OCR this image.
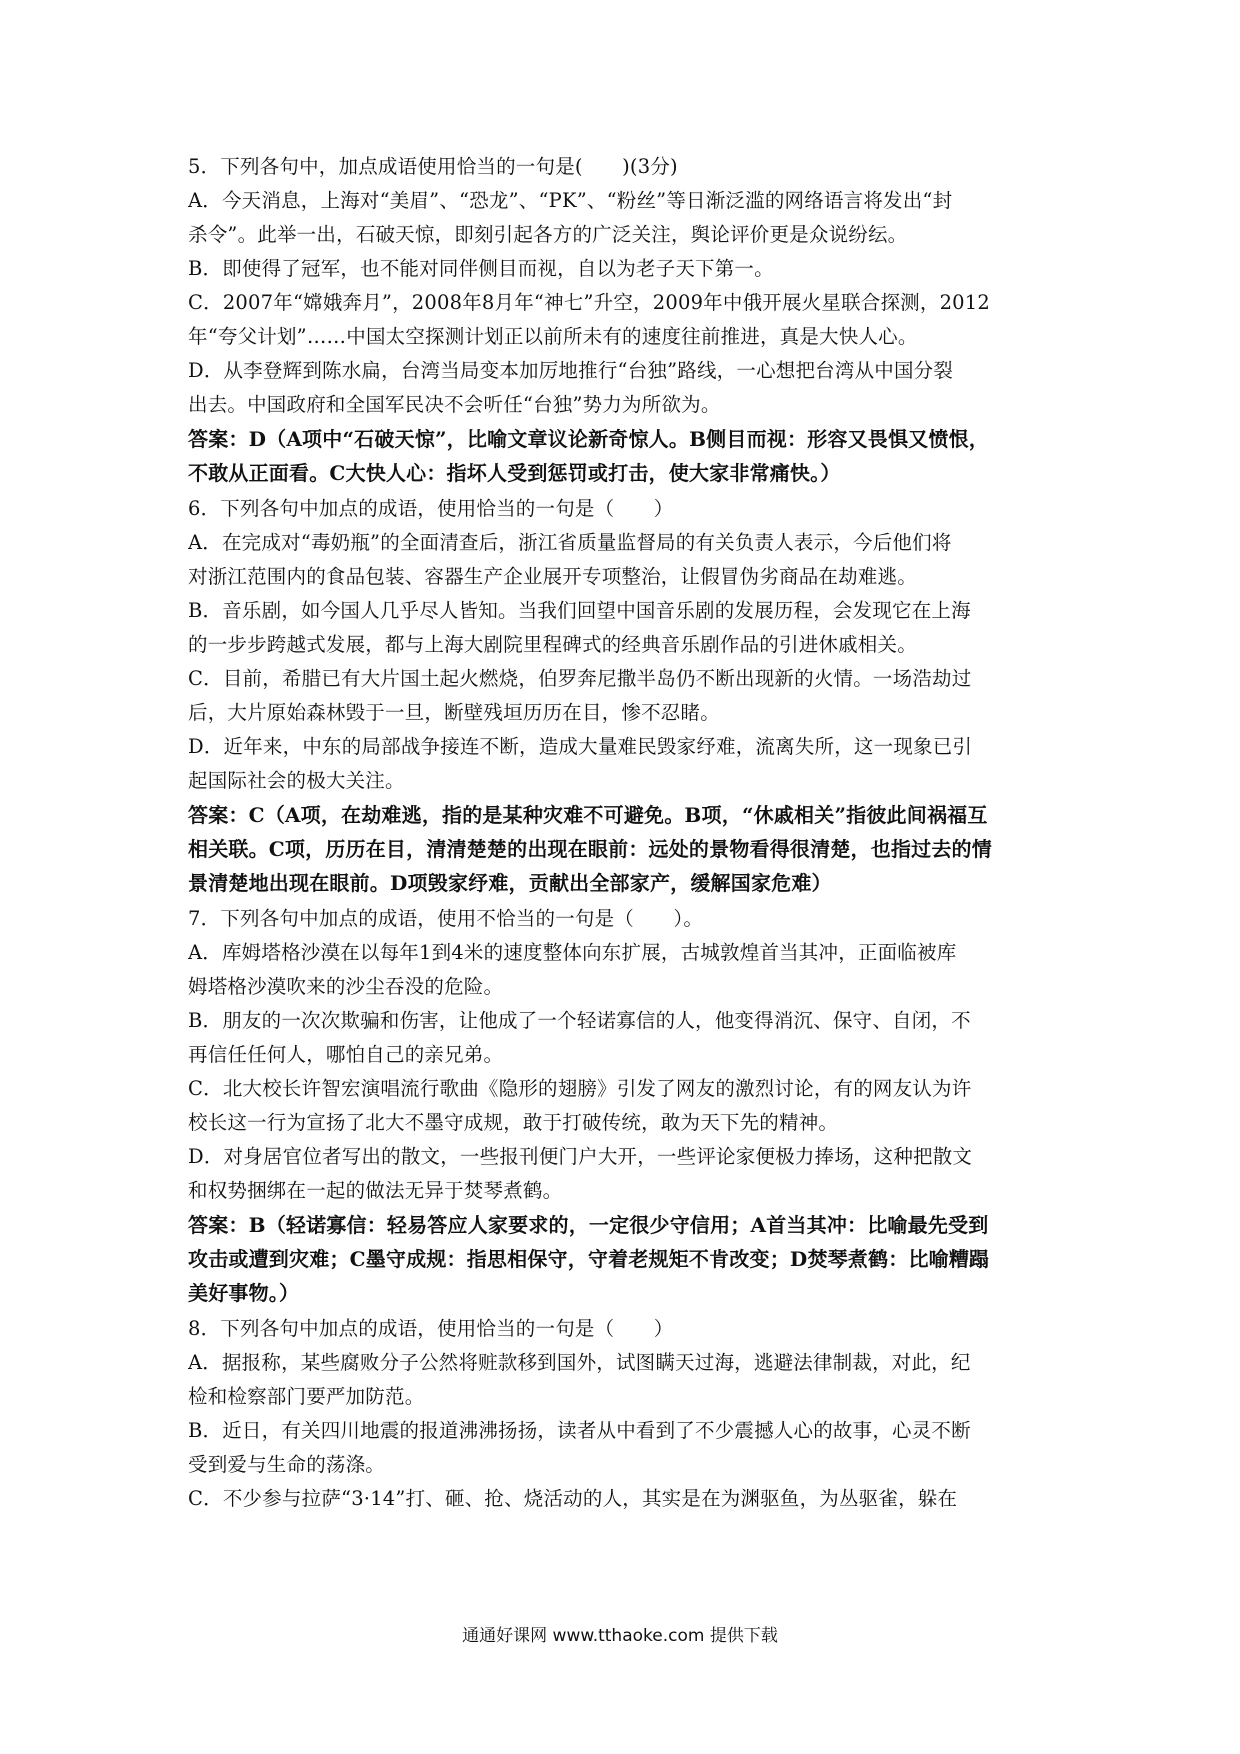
5．下列各句中，加点成语使用恰当的一句是(　　)(3分)
A．今天消息，上海对“美眉”、“恐龙”、“PK”、“粉丝”等日渐泛滥的网络语言将发出“封
杀令”。此举一出，石破天惊，即刻引起各方的广泛关注，舆论评价更是众说纷纭。
B．即使得了冠军，也不能对同伴侧目而视，自以为老子天下第一。
C．2007年“嫦娥奔月”，2008年8月年“神七”升空，2009年中俄开展火星联合探测，2012
年“夸父计划”……中国太空探测计划正以前所未有的速度往前推进，真是大快人心。
D．从李登辉到陈水扁，台湾当局变本加厉地推行“台独”路线，一心想把台湾从中国分裂
出去。中国政府和全国军民决不会听任“台独”势力为所欲为。
答案：D（A项中“石破天惊”，比喻文章议论新奇惊人。B侧目而视：形容又畏惧又愤恨，
不敢从正面看。C大快人心：指坏人受到惩罚或打击，使大家非常痛快。）
6．下列各句中加点的成语，使用恰当的一句是（　　）
A．在完成对“毒奶瓶”的全面清查后，浙江省质量监督局的有关负责人表示，今后他们将
对浙江范围内的食品包装、容器生产企业展开专项整治，让假冒伪劣商品在劫难逃。
B．音乐剧，如今国人几乎尽人皆知。当我们回望中国音乐剧的发展历程，会发现它在上海
的一步步跨越式发展，都与上海大剧院里程碑式的经典音乐剧作品的引进休戚相关。
C．目前，希腊已有大片国土起火燃烧，伯罗奔尼撒半岛仍不断出现新的火情。一场浩劫过
后，大片原始森林毁于一旦，断壁残垣历历在目，惨不忍睹。
D．近年来，中东的局部战争接连不断，造成大量难民毁家纾难，流离失所，这一现象已引
起国际社会的极大关注。
答案：C（A项，在劫难逃，指的是某种灾难不可避免。B项，“休戚相关”指彼此间祸福互
相关联。C项，历历在目，清清楚楚的出现在眼前：远处的景物看得很清楚，也指过去的情
景清楚地出现在眼前。D项毁家纾难，贡献出全部家产，缓解国家危难）
7．下列各句中加点的成语，使用不恰当的一句是（　　）。
A．库姆塔格沙漠在以每年1到4米的速度整体向东扩展，古城敦煌首当其冲，正面临被库
姆塔格沙漠吹来的沙尘吞没的危险。
B．朋友的一次次欺骗和伤害，让他成了一个轻诺寡信的人，他变得消沉、保守、自闭，不
再信任任何人，哪怕自己的亲兄弟。
C．北大校长许智宏演唱流行歌曲《隐形的翅膀》引发了网友的激烈讨论，有的网友认为许
校长这一行为宣扬了北大不墨守成规，敢于打破传统，敢为天下先的精神。
D．对身居官位者写出的散文，一些报刊便门户大开，一些评论家便极力捧场，这种把散文
和权势捆绑在一起的做法无异于焚琴煮鹤。
答案：B（轻诺寡信：轻易答应人家要求的，一定很少守信用；A首当其冲：比喻最先受到
攻击或遭到灾难；C墨守成规：指思相保守，守着老规矩不肯改变；D焚琴煮鹤：比喻糟蹋
美好事物。）
8．下列各句中加点的成语，使用恰当的一句是（　　）
A．据报称，某些腐败分子公然将赃款移到国外，试图瞒天过海，逃避法律制裁，对此，纪
检和检察部门要严加防范。
B．近日，有关四川地震的报道沸沸扬扬，读者从中看到了不少震撼人心的故事，心灵不断
受到爱与生命的荡涤。
C．不少参与拉萨“3·14”打、砸、抢、烧活动的人，其实是在为渊驱鱼，为丛驱雀，躲在
通通好课网 www.tthaoke.com 提供下载
